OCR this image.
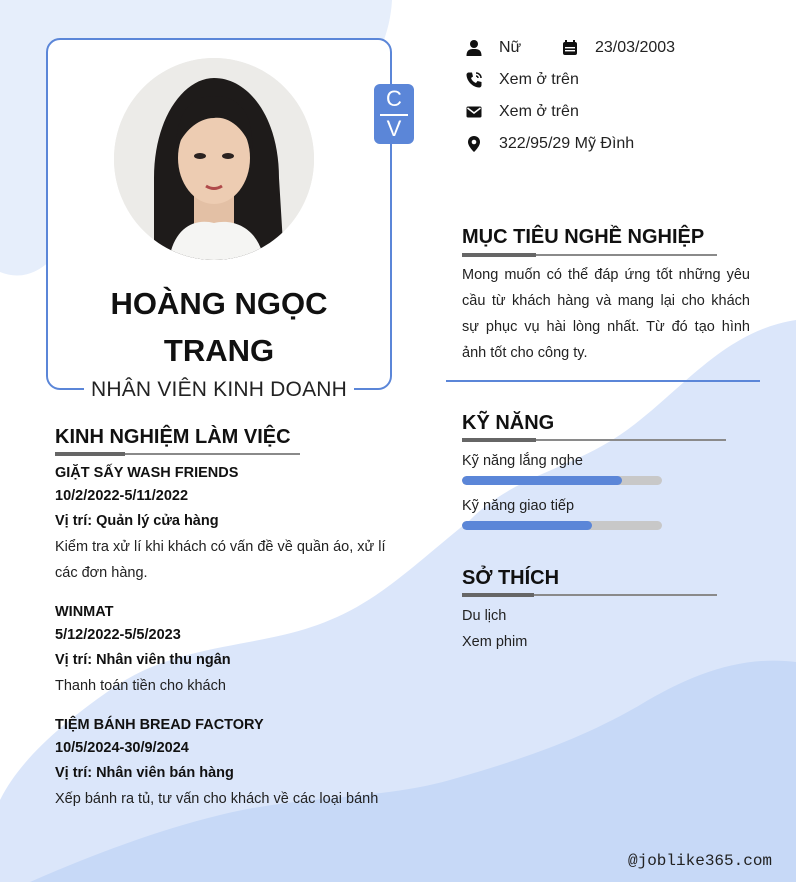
C
V
HOÀNG NGỌC
TRANG
NHÂN VIÊN KINH DOANH
Nữ	23/03/2003
Xem ở trên
Xem ở trên
322/95/29 Mỹ Đình
MỤC TIÊU NGHỀ NGHIỆP
Mong muốn có thể đáp ứng tốt những yêu cầu từ khách hàng và mang lại cho khách sự phục vụ hài lòng nhất. Từ đó tạo hình ảnh tốt cho công ty.
KỸ NĂNG
Kỹ năng lắng nghe
Kỹ năng giao tiếp
SỞ THÍCH
Du lịch
Xem phim
KINH NGHIỆM LÀM VIỆC
GIẶT SẤY WASH FRIENDS
10/2/2022-5/11/2022
Vị trí: Quản lý cửa hàng
Kiểm tra xử lí khi khách có vấn đề về quần áo, xử lí các đơn hàng.
WINMAT
5/12/2022-5/5/2023
Vị trí: Nhân viên thu ngân
Thanh toán tiền cho khách
TIỆM BÁNH BREAD FACTORY
10/5/2024-30/9/2024
Vị trí: Nhân viên bán hàng
Xếp bánh ra tủ, tư vấn cho khách về các loại bánh
@joblike365.com
